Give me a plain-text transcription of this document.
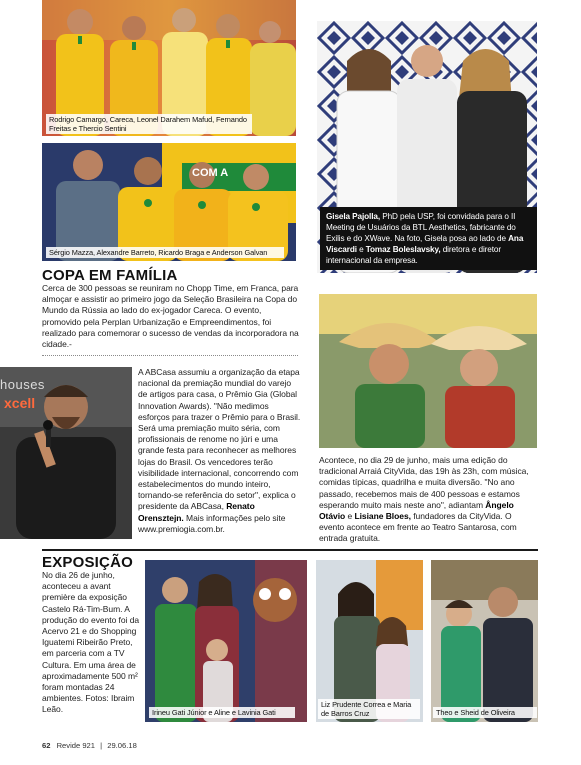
Rodrigo Camargo, Careca, Leonel Darahem Mafud, Fernando Freitas e Thercio Sentini
COM A
Sérgio Mazza, Alexandre Barreto, Ricardo Braga e Anderson Galvan
Gisela Pajolla, PhD pela USP, foi convidada para o II Meeting de Usuários da BTL Aesthetics, fabricante do Exilis e do XWave. Na foto, Gisela posa ao lado de Ana Viscardi e Tomaz Boleslavsky, diretora e diretor internacional da empresa.
COPA EM FAMÍLIA
Cerca de 300 pessoas se reuniram no Chopp Time, em Franca, para almoçar e assistir ao primeiro jogo da Seleção Brasileira na Copa do Mundo da Rússia ao lado do ex-jogador Careca. O evento, promovido pela Perplan Urbanização e Empreendimentos, foi realizado para comemorar o sucesso de vendas da incorporadora na cidade.-
houses
xcell
A ABCasa assumiu a organização da etapa nacional da premiação mundial do varejo de artigos para casa, o Prêmio Gia (Global Innovation Awards). "Não medimos esforços para trazer o Prêmio para o Brasil. Será uma premiação muito séria, com profissionais de renome no júri e uma grande festa para reconhecer as melhores lojas do Brasil. Os vencedores terão visibilidade internacional, concorrendo com estabelecimentos do mundo inteiro, tornando-se referência do setor", explica o presidente da ABCasa, Renato Orensztejn. Mais informações pelo site www.premiogia.com.br.
Acontece, no dia 29 de junho, mais uma edição do tradicional Arraiá CityVida, das 19h às 23h, com música, comidas típicas, quadrilha e muita diversão. "No ano passado, recebemos mais de 400 pessoas e estamos esperando muito mais neste ano", adiantam Ângelo Otávio e Lisiane Bloes, fundadores da CityVida. O evento acontece em frente ao Teatro Santarosa, com entrada gratuita.
EXPOSIÇÃO
No dia 26 de junho, aconteceu a avant première da exposição Castelo Rá-Tim-Bum. A produção do evento foi da Acervo 21 e do Shopping Iguatemi Ribeirão Preto, em parceria com a TV Cultura. Em uma área de aproximadamente 500 m² foram montadas 24 ambientes. Fotos: Ibraim Leão.	Irineu Gati Júnior e Aline e Lavinia Gati
Liz Prudente Correa e Maria de Barros Cruz	Theo e Sheid de Oliveira
62 Revide 921 | 29.06.18
